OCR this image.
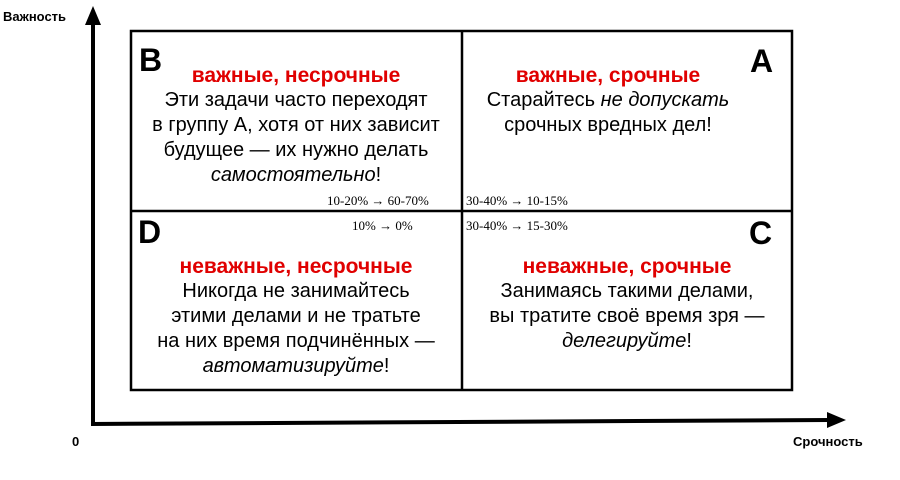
Важность
Срочность
0
B	A
D	C
важные, несрочные
Эти задачи часто переходят
в группу А, хотя от них зависит
будущее — их нужно делать
самостоятельно!
важные, срочные
Старайтесь не допускать
срочных вредных дел!
неважные, несрочные
Никогда не занимайтесь
этими делами и не тратьте
на них время подчинённых —
автоматизируйте!
неважные, срочные
Занимаясь такими делами,
вы тратите своё время зря —
делегируйте!
10-20% → 60-70%	30-40% → 10-15%
10% → 0%	30-40% → 15-30%
